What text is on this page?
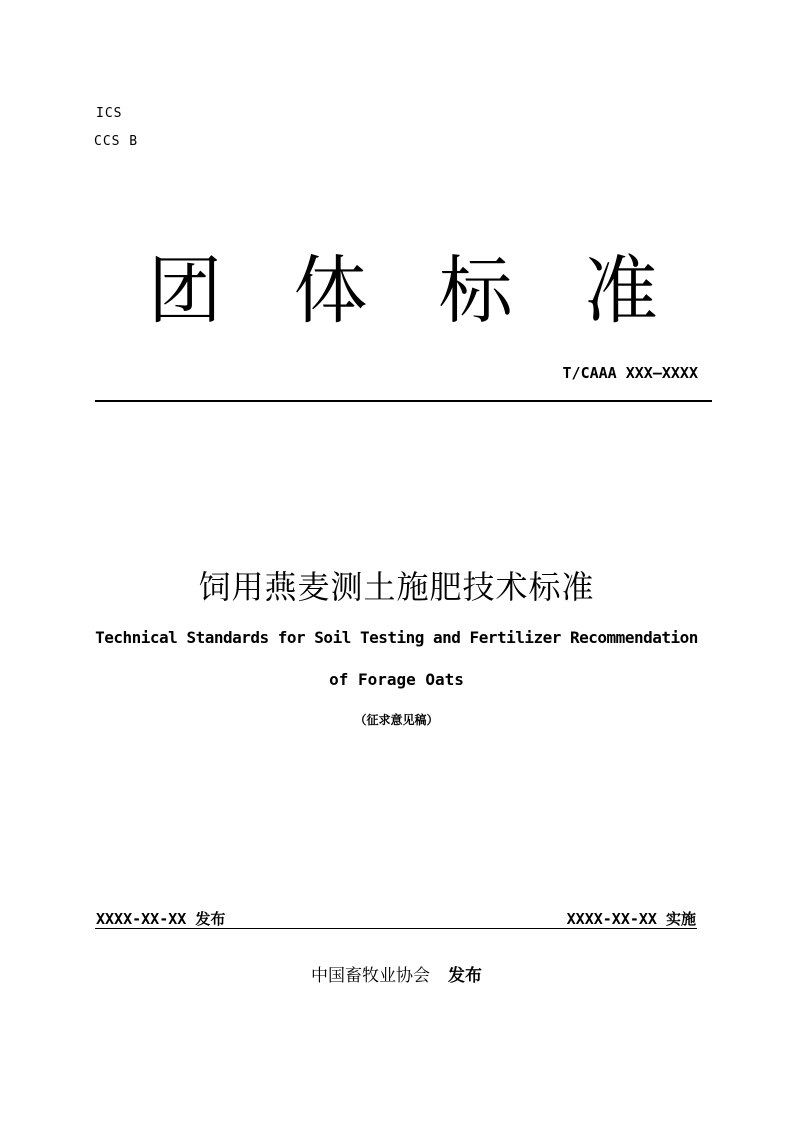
ICS
CCS B
团 体 标 准
T/CAAA XXX—XXXX
饲用燕麦测土施肥技术标准
Technical Standards for Soil Testing and Fertilizer Recommendation
of Forage Oats
（征求意见稿）
XXXX-XX-XX 发布	XXXX-XX-XX 实施
中国畜牧业协会 发布
